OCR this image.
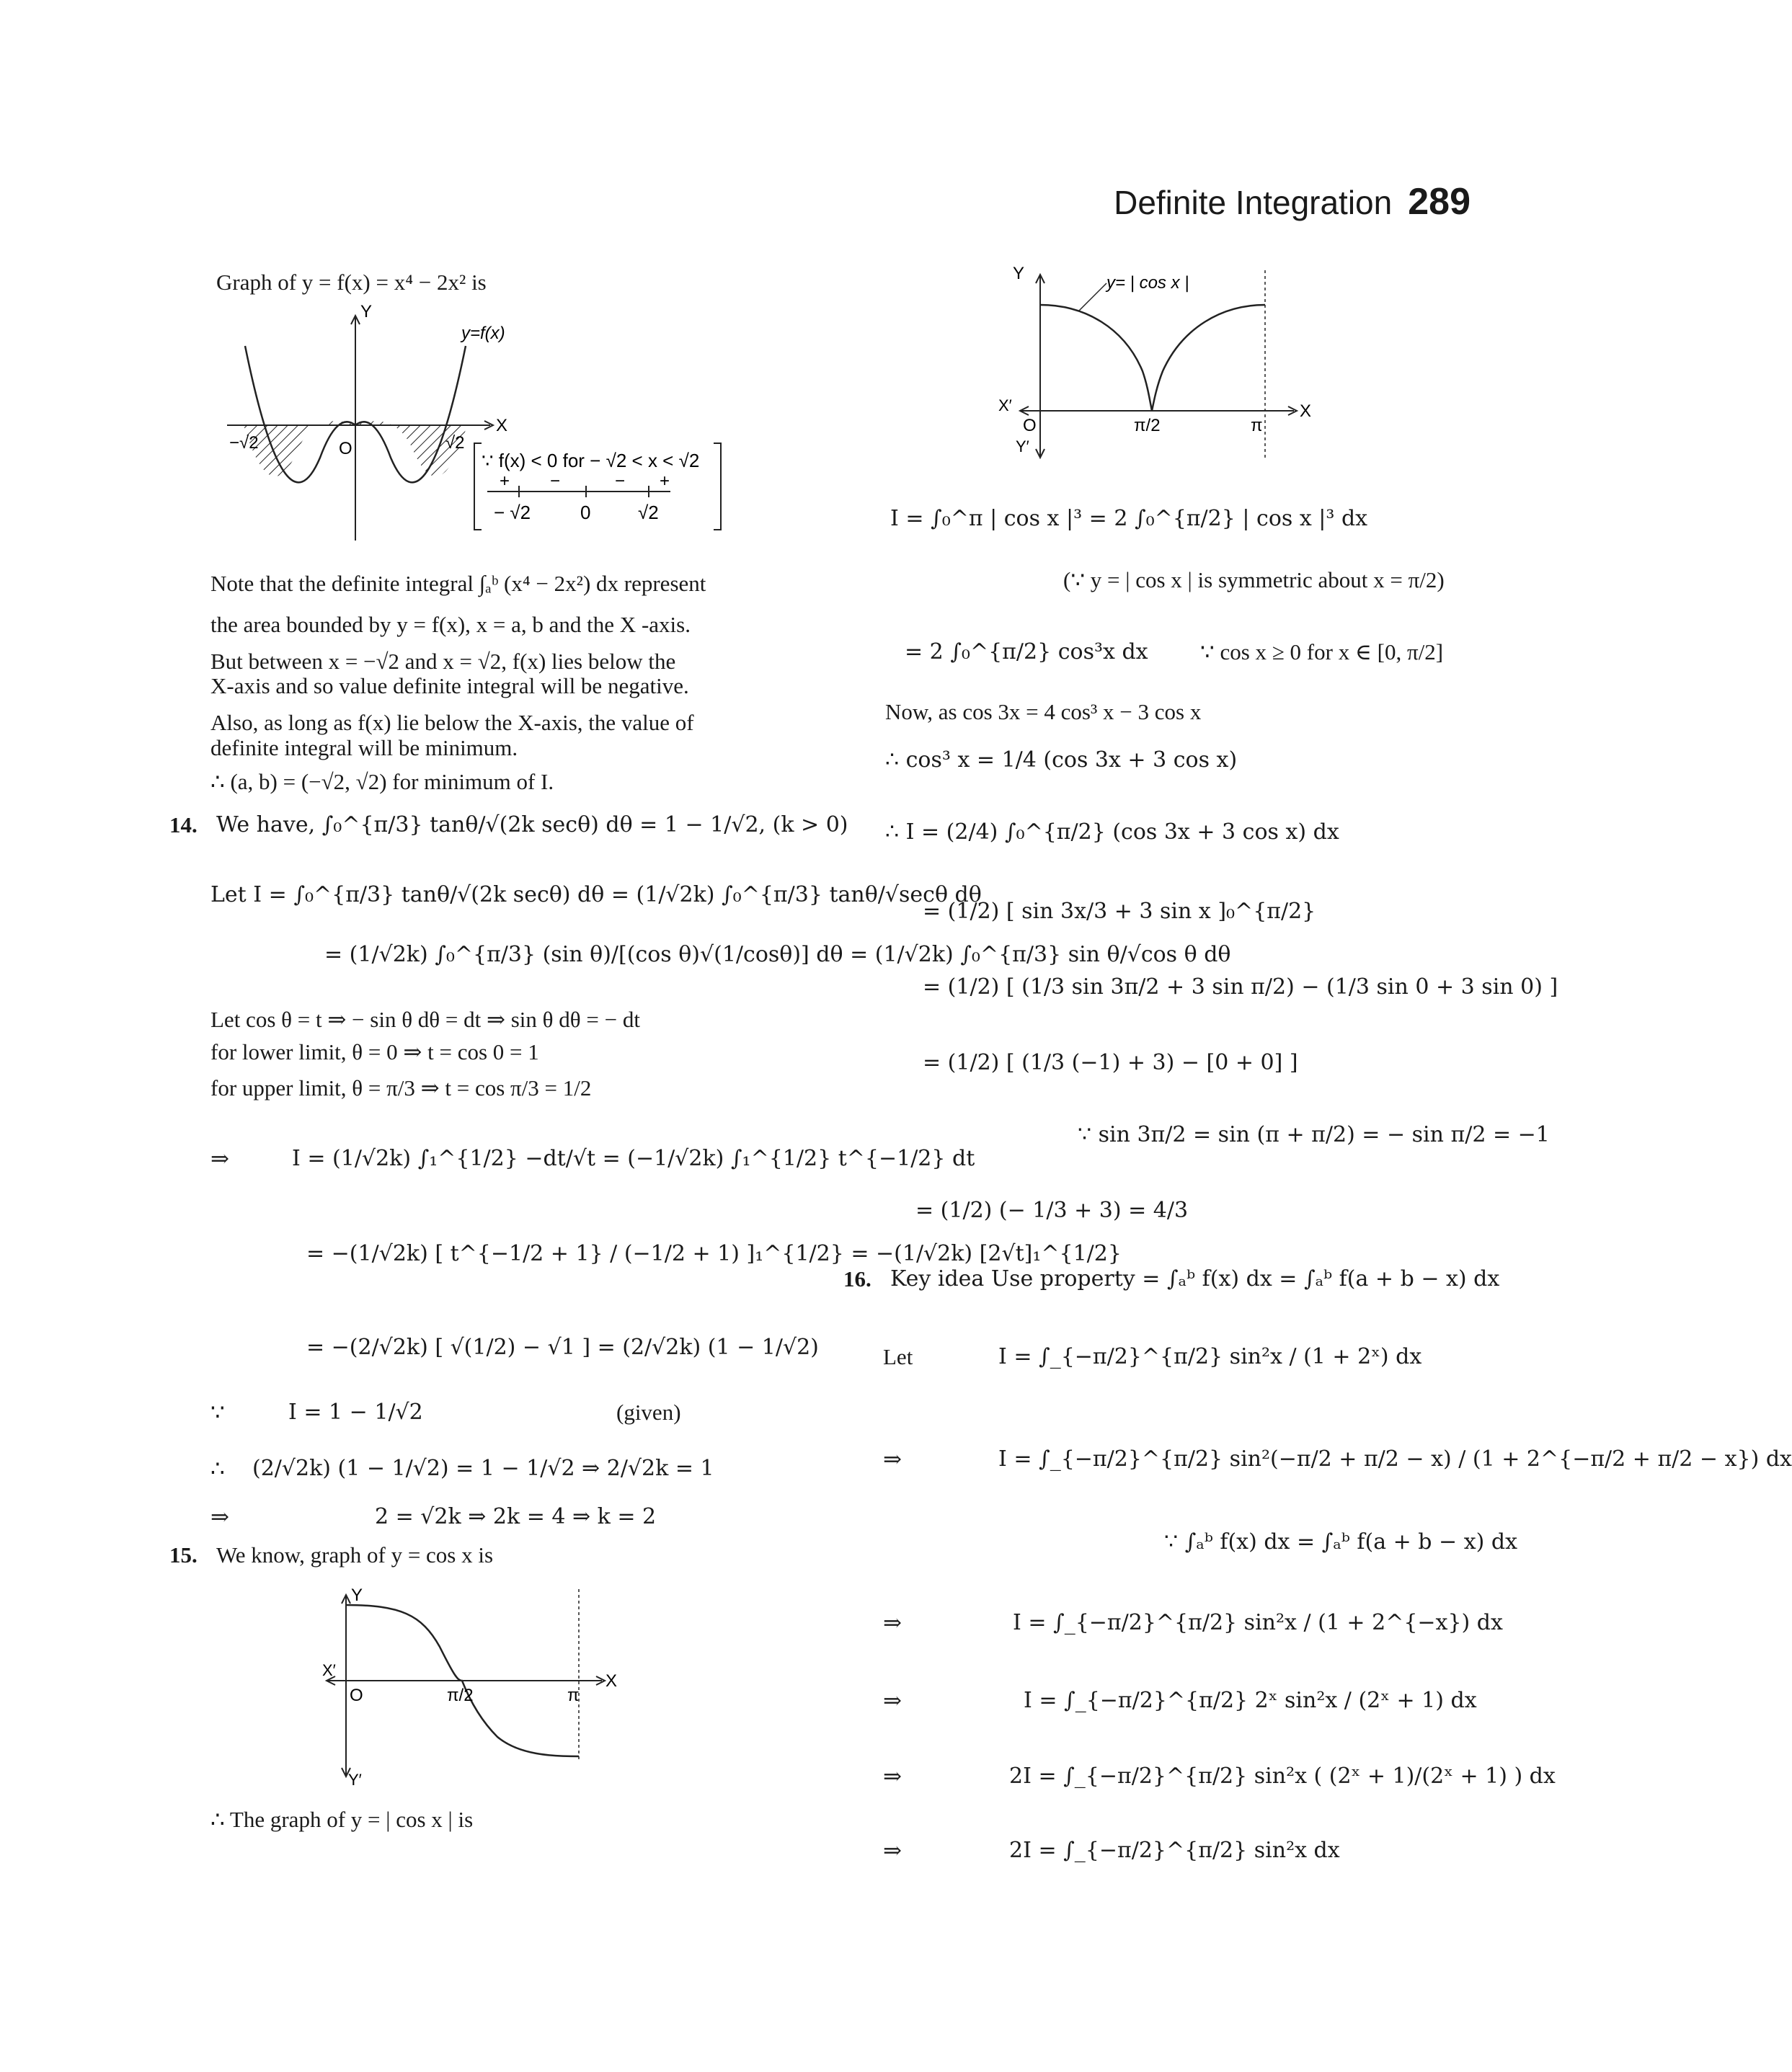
Definite Integration 289
Graph of y = f(x) = x⁴ − 2x² is
Y
X
O
y=f(x)
−√2	√2
∵ f(x) < 0 for − √2 < x < √2
+ −	− +
− √2	0	√2
Note that the definite integral ∫ₐᵇ (x⁴ − 2x²) dx represent
the area bounded by y = f(x), x = a, b and the X -axis.
But between x = −√2 and x = √2, f(x) lies below the
X-axis and so value definite integral will be negative.
Also, as long as f(x) lie below the X-axis, the value of
definite integral will be minimum.
∴ (a, b) = (−√2, √2) for minimum of I.
14. We have, ∫₀^{π/3} tanθ/√(2k secθ) dθ = 1 − 1/√2, (k > 0)
Let I = ∫₀^{π/3} tanθ/√(2k secθ) dθ = (1/√2k) ∫₀^{π/3} tanθ/√secθ dθ
= (1/√2k) ∫₀^{π/3} (sin θ)/[(cos θ)√(1/cosθ)] dθ = (1/√2k) ∫₀^{π/3} sin θ/√cos θ dθ
Let cos θ = t ⇒ − sin θ dθ = dt ⇒ sin θ dθ = − dt
for lower limit, θ = 0 ⇒ t = cos 0 = 1
for upper limit, θ = π/3 ⇒ t = cos π/3 = 1/2
⇒	I = (1/√2k) ∫₁^{1/2} −dt/√t = (−1/√2k) ∫₁^{1/2} t^{−1/2} dt
= −(1/√2k) [ t^{−1/2 + 1} / (−1/2 + 1) ]₁^{1/2} = −(1/√2k) [2√t]₁^{1/2}
= −(2/√2k) [ √(1/2) − √1 ] = (2/√2k) (1 − 1/√2)
∵	I = 1 − 1/√2	(given)
∴ (2/√2k) (1 − 1/√2) = 1 − 1/√2 ⇒ 2/√2k = 1
⇒	2 = √2k ⇒ 2k = 4 ⇒ k = 2
15. We know, graph of y = cos x is
Y
Y′
X
X′
O	π/2	π
∴ The graph of y = | cos x | is
y= | cos x |
Y
Y′
X
X′
O	π/2	π
I = ∫₀^π | cos x |³ = 2 ∫₀^{π/2} | cos x |³ dx
(∵ y = | cos x | is symmetric about x = π/2)
= 2 ∫₀^{π/2} cos³x dx ∵ cos x ≥ 0 for x ∈ [0, π/2]
Now, as cos 3x = 4 cos³ x − 3 cos x
∴ cos³ x = 1/4 (cos 3x + 3 cos x)
∴ I = (2/4) ∫₀^{π/2} (cos 3x + 3 cos x) dx
= (1/2) [ sin 3x/3 + 3 sin x ]₀^{π/2}
= (1/2) [ (1/3 sin 3π/2 + 3 sin π/2) − (1/3 sin 0 + 3 sin 0) ]
= (1/2) [ (1/3 (−1) + 3) − [0 + 0] ]
∵ sin 3π/2 = sin (π + π/2) = − sin π/2 = −1
= (1/2) (− 1/3 + 3) = 4/3
16. Key idea Use property = ∫ₐᵇ f(x) dx = ∫ₐᵇ f(a + b − x) dx
Let	I = ∫_{−π/2}^{π/2} sin²x / (1 + 2ˣ) dx
⇒	I = ∫_{−π/2}^{π/2} sin²(−π/2 + π/2 − x) / (1 + 2^{−π/2 + π/2 − x}) dx
∵ ∫ₐᵇ f(x) dx = ∫ₐᵇ f(a + b − x) dx
⇒	I = ∫_{−π/2}^{π/2} sin²x / (1 + 2^{−x}) dx
⇒	I = ∫_{−π/2}^{π/2} 2ˣ sin²x / (2ˣ + 1) dx
⇒	2I = ∫_{−π/2}^{π/2} sin²x ( (2ˣ + 1)/(2ˣ + 1) ) dx
⇒	2I = ∫_{−π/2}^{π/2} sin²x dx
